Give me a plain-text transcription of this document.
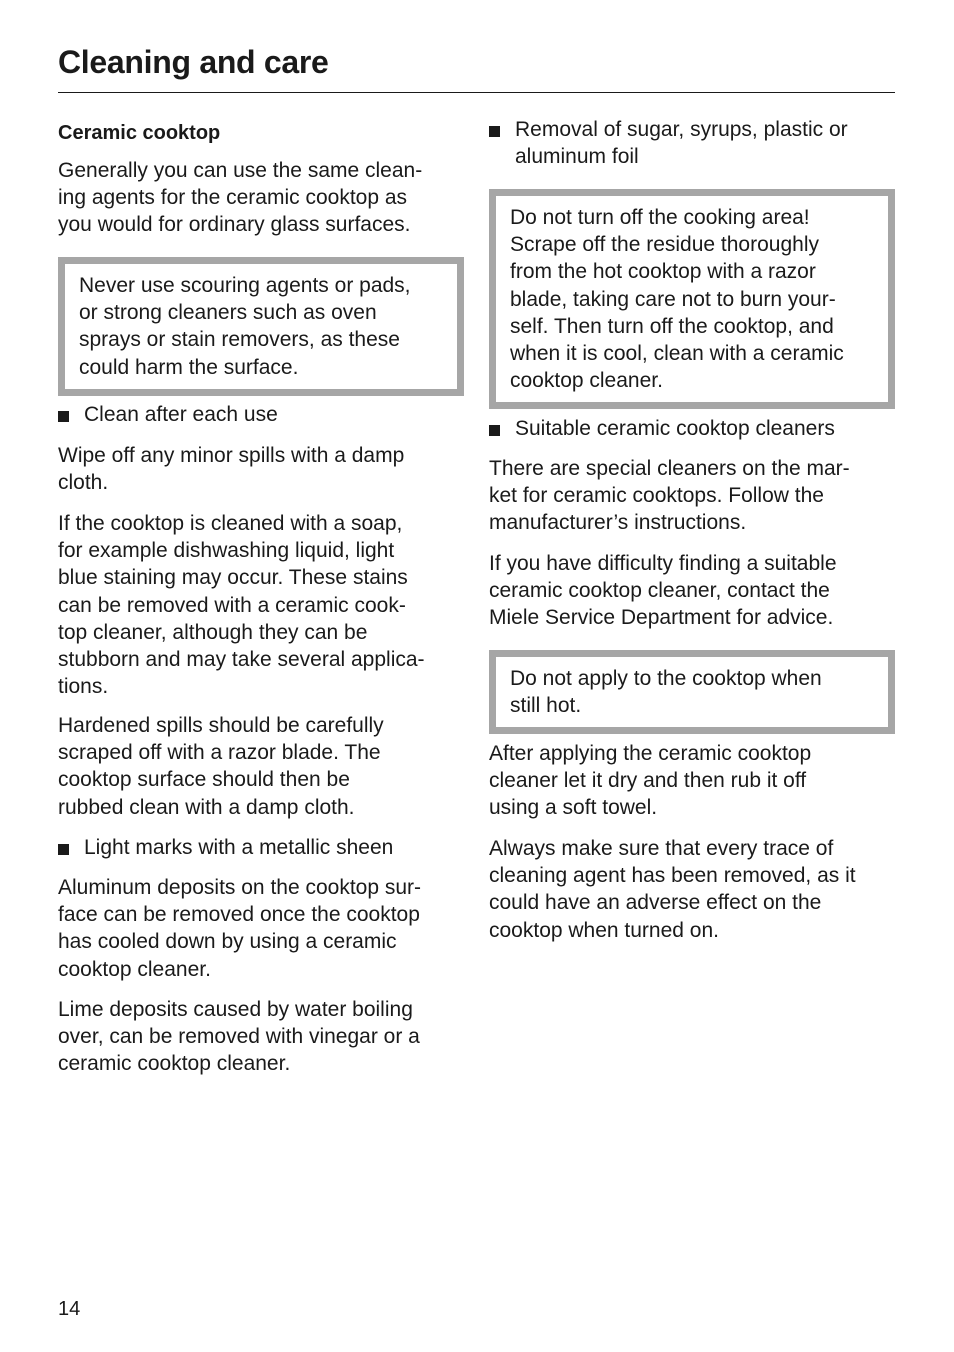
Cleaning and care
Ceramic cooktop
Generally you can use the same clean-
ing agents for the ceramic cooktop as
you would for ordinary glass surfaces.
Never use scouring agents or pads,
or strong cleaners such as oven
sprays or stain removers, as these
could harm the surface.
Clean after each use
Wipe off any minor spills with a damp
cloth.
If the cooktop is cleaned with a soap,
for example dishwashing liquid, light
blue staining may occur. These stains
can be removed with a ceramic cook-
top cleaner, although they can be
stubborn and may take several applica-
tions.
Hardened spills should be carefully
scraped off with a razor blade. The
cooktop surface should then be
rubbed clean with a damp cloth.
Light marks with a metallic sheen
Aluminum deposits on the cooktop sur-
face can be removed once the cooktop
has cooled down by using a ceramic
cooktop cleaner.
Lime deposits caused by water boiling
over, can be removed with vinegar or a
ceramic cooktop cleaner.
Removal of sugar, syrups, plastic or
aluminum foil
Do not turn off the cooking area!
Scrape off the residue thoroughly
from the hot cooktop with a razor
blade, taking care not to burn your-
self. Then turn off the cooktop, and
when it is cool, clean with a ceramic
cooktop cleaner.
Suitable ceramic cooktop cleaners
There are special cleaners on the mar-
ket for ceramic cooktops. Follow the
manufacturer’s instructions.
If you have difficulty finding a suitable
ceramic cooktop cleaner, contact the
Miele Service Department for advice.
Do not apply to the cooktop when
still hot.
After applying the ceramic cooktop
cleaner let it dry and then rub it off
using a soft towel.
Always make sure that every trace of
cleaning agent has been removed, as it
could have an adverse effect on the
cooktop when turned on.
14
